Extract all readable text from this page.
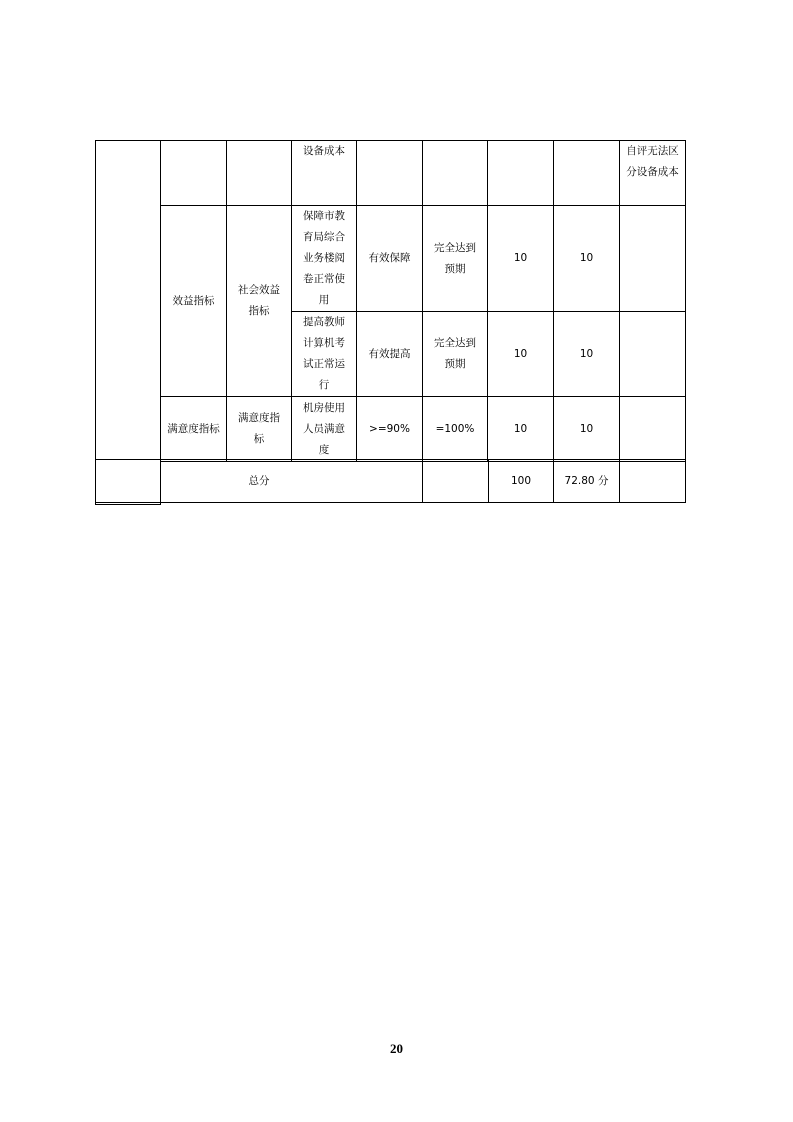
			设备成本					自评无法区分设备成本
	效益指标	社会效益指标	保障市教育局综合业务楼阅卷正常使用	有效保障	完全达到预期	10	10	
			提高教师计算机考试正常运行	有效提高	完全达到预期	10	10	
	满意度指标	满意度指标	机房使用人员满意度	>=90%	=100%	10	10	

总分		100	72.80 分	
20
